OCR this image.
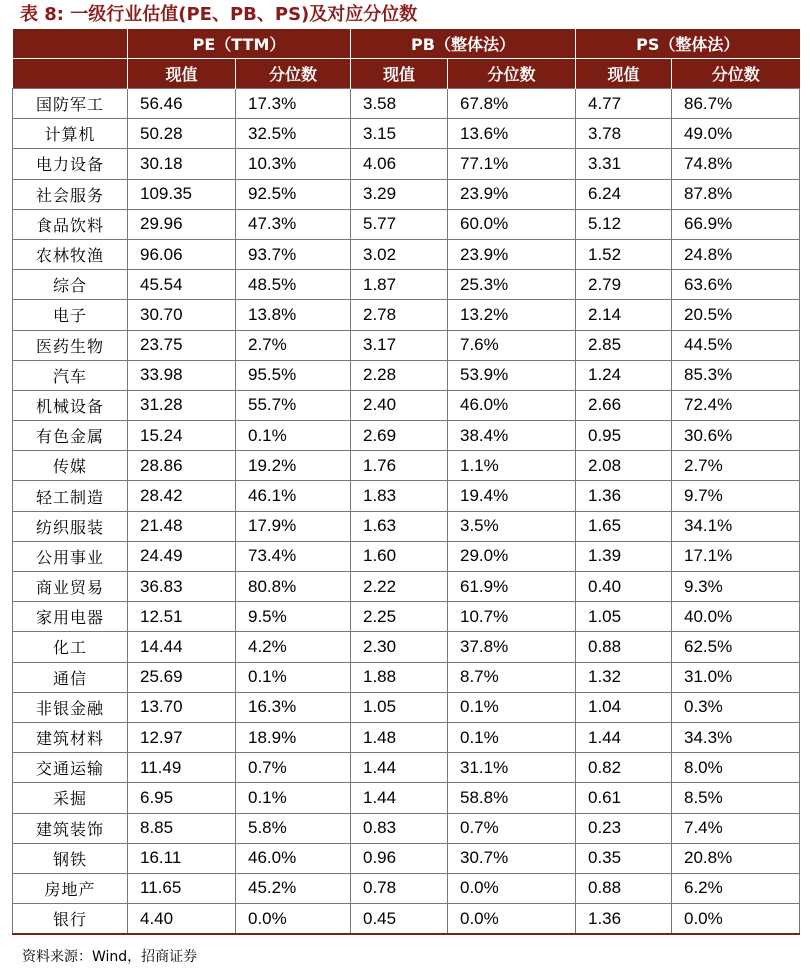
表 8: 一级行业估值(PE、PB、PS)及对应分位数
	PE（TTM）		PB（整体法）		PS（整体法）	
	现值	分位数	现值	分位数	现值	分位数
国防军工	56.46	17.3%	3.58	67.8%	4.77	86.7%
计算机	50.28	32.5%	3.15	13.6%	3.78	49.0%
电力设备	30.18	10.3%	4.06	77.1%	3.31	74.8%
社会服务	109.35	92.5%	3.29	23.9%	6.24	87.8%
食品饮料	29.96	47.3%	5.77	60.0%	5.12	66.9%
农林牧渔	96.06	93.7%	3.02	23.9%	1.52	24.8%
综合	45.54	48.5%	1.87	25.3%	2.79	63.6%
电子	30.70	13.8%	2.78	13.2%	2.14	20.5%
医药生物	23.75	2.7%	3.17	7.6%	2.85	44.5%
汽车	33.98	95.5%	2.28	53.9%	1.24	85.3%
机械设备	31.28	55.7%	2.40	46.0%	2.66	72.4%
有色金属	15.24	0.1%	2.69	38.4%	0.95	30.6%
传媒	28.86	19.2%	1.76	1.1%	2.08	2.7%
轻工制造	28.42	46.1%	1.83	19.4%	1.36	9.7%
纺织服装	21.48	17.9%	1.63	3.5%	1.65	34.1%
公用事业	24.49	73.4%	1.60	29.0%	1.39	17.1%
商业贸易	36.83	80.8%	2.22	61.9%	0.40	9.3%
家用电器	12.51	9.5%	2.25	10.7%	1.05	40.0%
化工	14.44	4.2%	2.30	37.8%	0.88	62.5%
通信	25.69	0.1%	1.88	8.7%	1.32	31.0%
非银金融	13.70	16.3%	1.05	0.1%	1.04	0.3%
建筑材料	12.97	18.9%	1.48	0.1%	1.44	34.3%
交通运输	11.49	0.7%	1.44	31.1%	0.82	8.0%
采掘	6.95	0.1%	1.44	58.8%	0.61	8.5%
建筑装饰	8.85	5.8%	0.83	0.7%	0.23	7.4%
钢铁	16.11	46.0%	0.96	30.7%	0.35	20.8%
房地产	11.65	45.2%	0.78	0.0%	0.88	6.2%
银行	4.40	0.0%	0.45	0.0%	1.36	0.0%
资料来源：Wind，招商证券
